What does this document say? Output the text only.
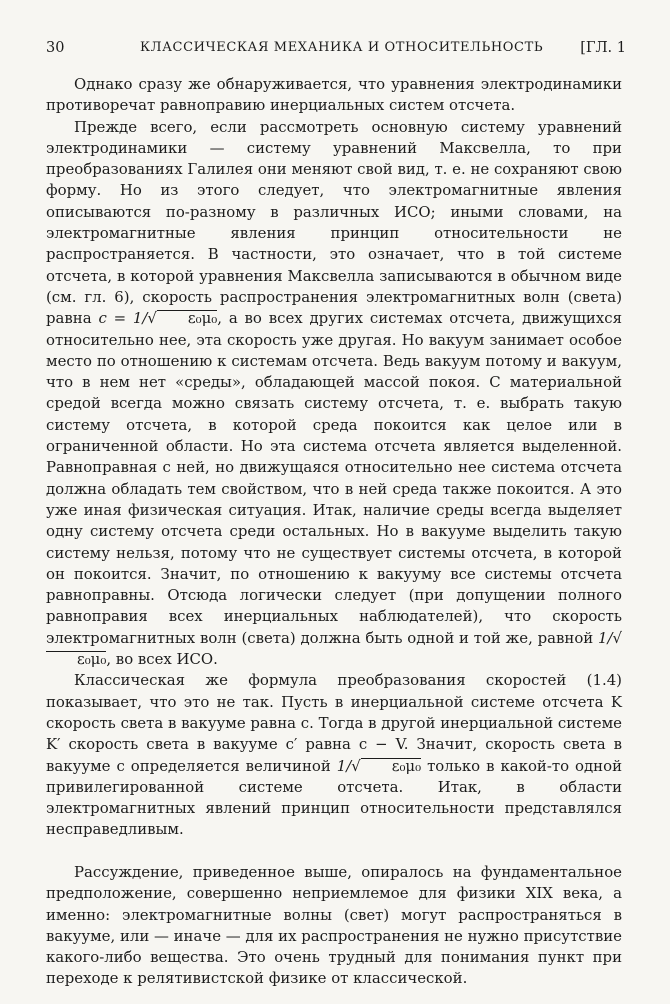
30	КЛАССИЧЕСКАЯ МЕХАНИКА И ОТНОСИТЕЛЬНОСТЬ	[ГЛ. 1

Однако сразу же обнаруживается, что уравнения электродинамики противоречат равноправию инерциальных систем отсчета.

Прежде всего, если рассмотреть основную систему уравнений электродинамики — систему уравнений Максвелла, то при преобразованиях Галилея они меняют свой вид, т. е. не сохраняют свою форму. Но из этого следует, что электромагнитные явления описываются по-разному в различных ИСО; иными словами, на электромагнитные явления принцип относительности не распространяется. В частности, это означает, что в той системе отсчета, в которой уравнения Максвелла записываются в обычном виде (см. гл. 6), скорость распространения электромагнитных волн (света) равна c = 1/√ ε₀μ₀, а во всех других системах отсчета, движущихся относительно нее, эта скорость уже другая. Но вакуум занимает особое место по отношению к системам отсчета. Ведь вакуум потому и вакуум, что в нем нет «среды», обладающей массой покоя. С материальной средой всегда можно связать систему отсчета, т. е. выбрать такую систему отсчета, в которой среда покоится как целое или в ограниченной области. Но эта система отсчета является выделенной. Равноправная с ней, но движущаяся относительно нее система отсчета должна обладать тем свойством, что в ней среда также покоится. А это уже иная физическая ситуация. Итак, наличие среды всегда выделяет одну систему отсчета среди остальных. Но в вакууме выделить такую систему нельзя, потому что не существует системы отсчета, в которой он покоится. Значит, по отношению к вакууму все системы отсчета равноправны. Отсюда логически следует (при допущении полного равноправия всех инерциальных наблюдателей), что скорость электромагнитных волн (света) должна быть одной и той же, равной 1/√ε₀μ₀, во всех ИСО.

Классическая же формула преобразования скоростей (1.4) показывает, что это не так. Пусть в инерциальной системе отсчета K скорость света в вакууме равна c. Тогда в другой инерциальной системе K′ скорость света в вакууме c′ равна c − V. Значит, скорость света в вакууме c определяется величиной 1/√ ε₀μ₀ только в какой-то одной привилегированной системе отсчета. Итак, в области электромагнитных явлений принцип относительности представлялся несправедливым.

Рассуждение, приведенное выше, опиралось на фундаментальное предположение, совершенно неприемлемое для физики XIX века, а именно: электромагнитные волны (свет) могут распространяться в вакууме, или — иначе — для их распространения не нужно присутствие какого-либо вещества. Это очень трудный для понимания пункт при переходе к релятивистской физике от классической.
